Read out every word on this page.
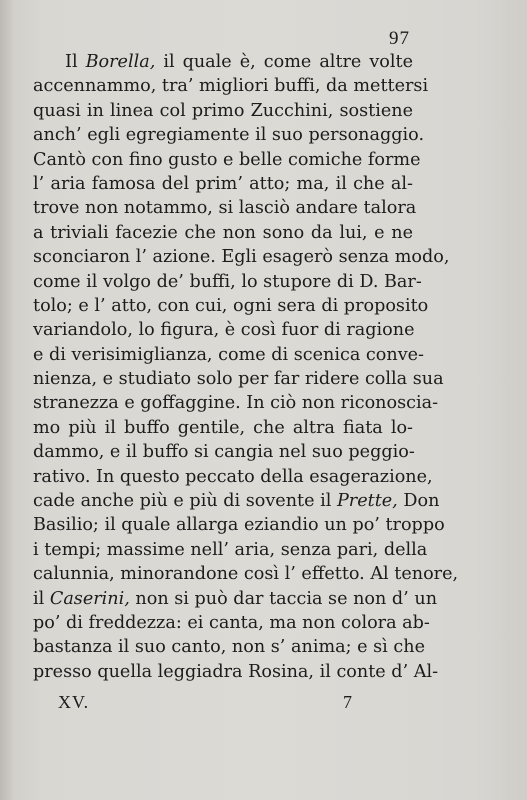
97
Il Borella, il quale è, come altre volte
accennammo, tra’ migliori buffi, da mettersi
quasi in linea col primo Zucchini, sostiene
anch’ egli egregiamente il suo personaggio.
Cantò con fino gusto e belle comiche forme
l’ aria famosa del prim’ atto; ma, il che al-
trove non notammo, si lasciò andare talora
a triviali facezie che non sono da lui, e ne
sconciaron l’ azione. Egli esagerò senza modo,
come il volgo de’ buffi, lo stupore di D. Bar-
tolo; e l’ atto, con cui, ogni sera di proposito
variandolo, lo figura, è così fuor di ragione
e di verisimiglianza, come di scenica conve-
nienza, e studiato solo per far ridere colla sua
stranezza e goffaggine. In ciò non riconoscia-
mo più il buffo gentile, che altra fiata lo-
dammo, e il buffo si cangia nel suo peggio-
rativo. In questo peccato della esagerazione,
cade anche più e più di sovente il Prette, Don
Basilio; il quale allarga eziandio un po’ troppo
i tempi; massime nell’ aria, senza pari, della
calunnia, minorandone così l’ effetto. Al tenore,
il Caserini, non si può dar taccia se non d’ un
po’ di freddezza: ei canta, ma non colora ab-
bastanza il suo canto, non s’ anima; e sì che
presso quella leggiadra Rosina, il conte d’ Al-
XV.	7
